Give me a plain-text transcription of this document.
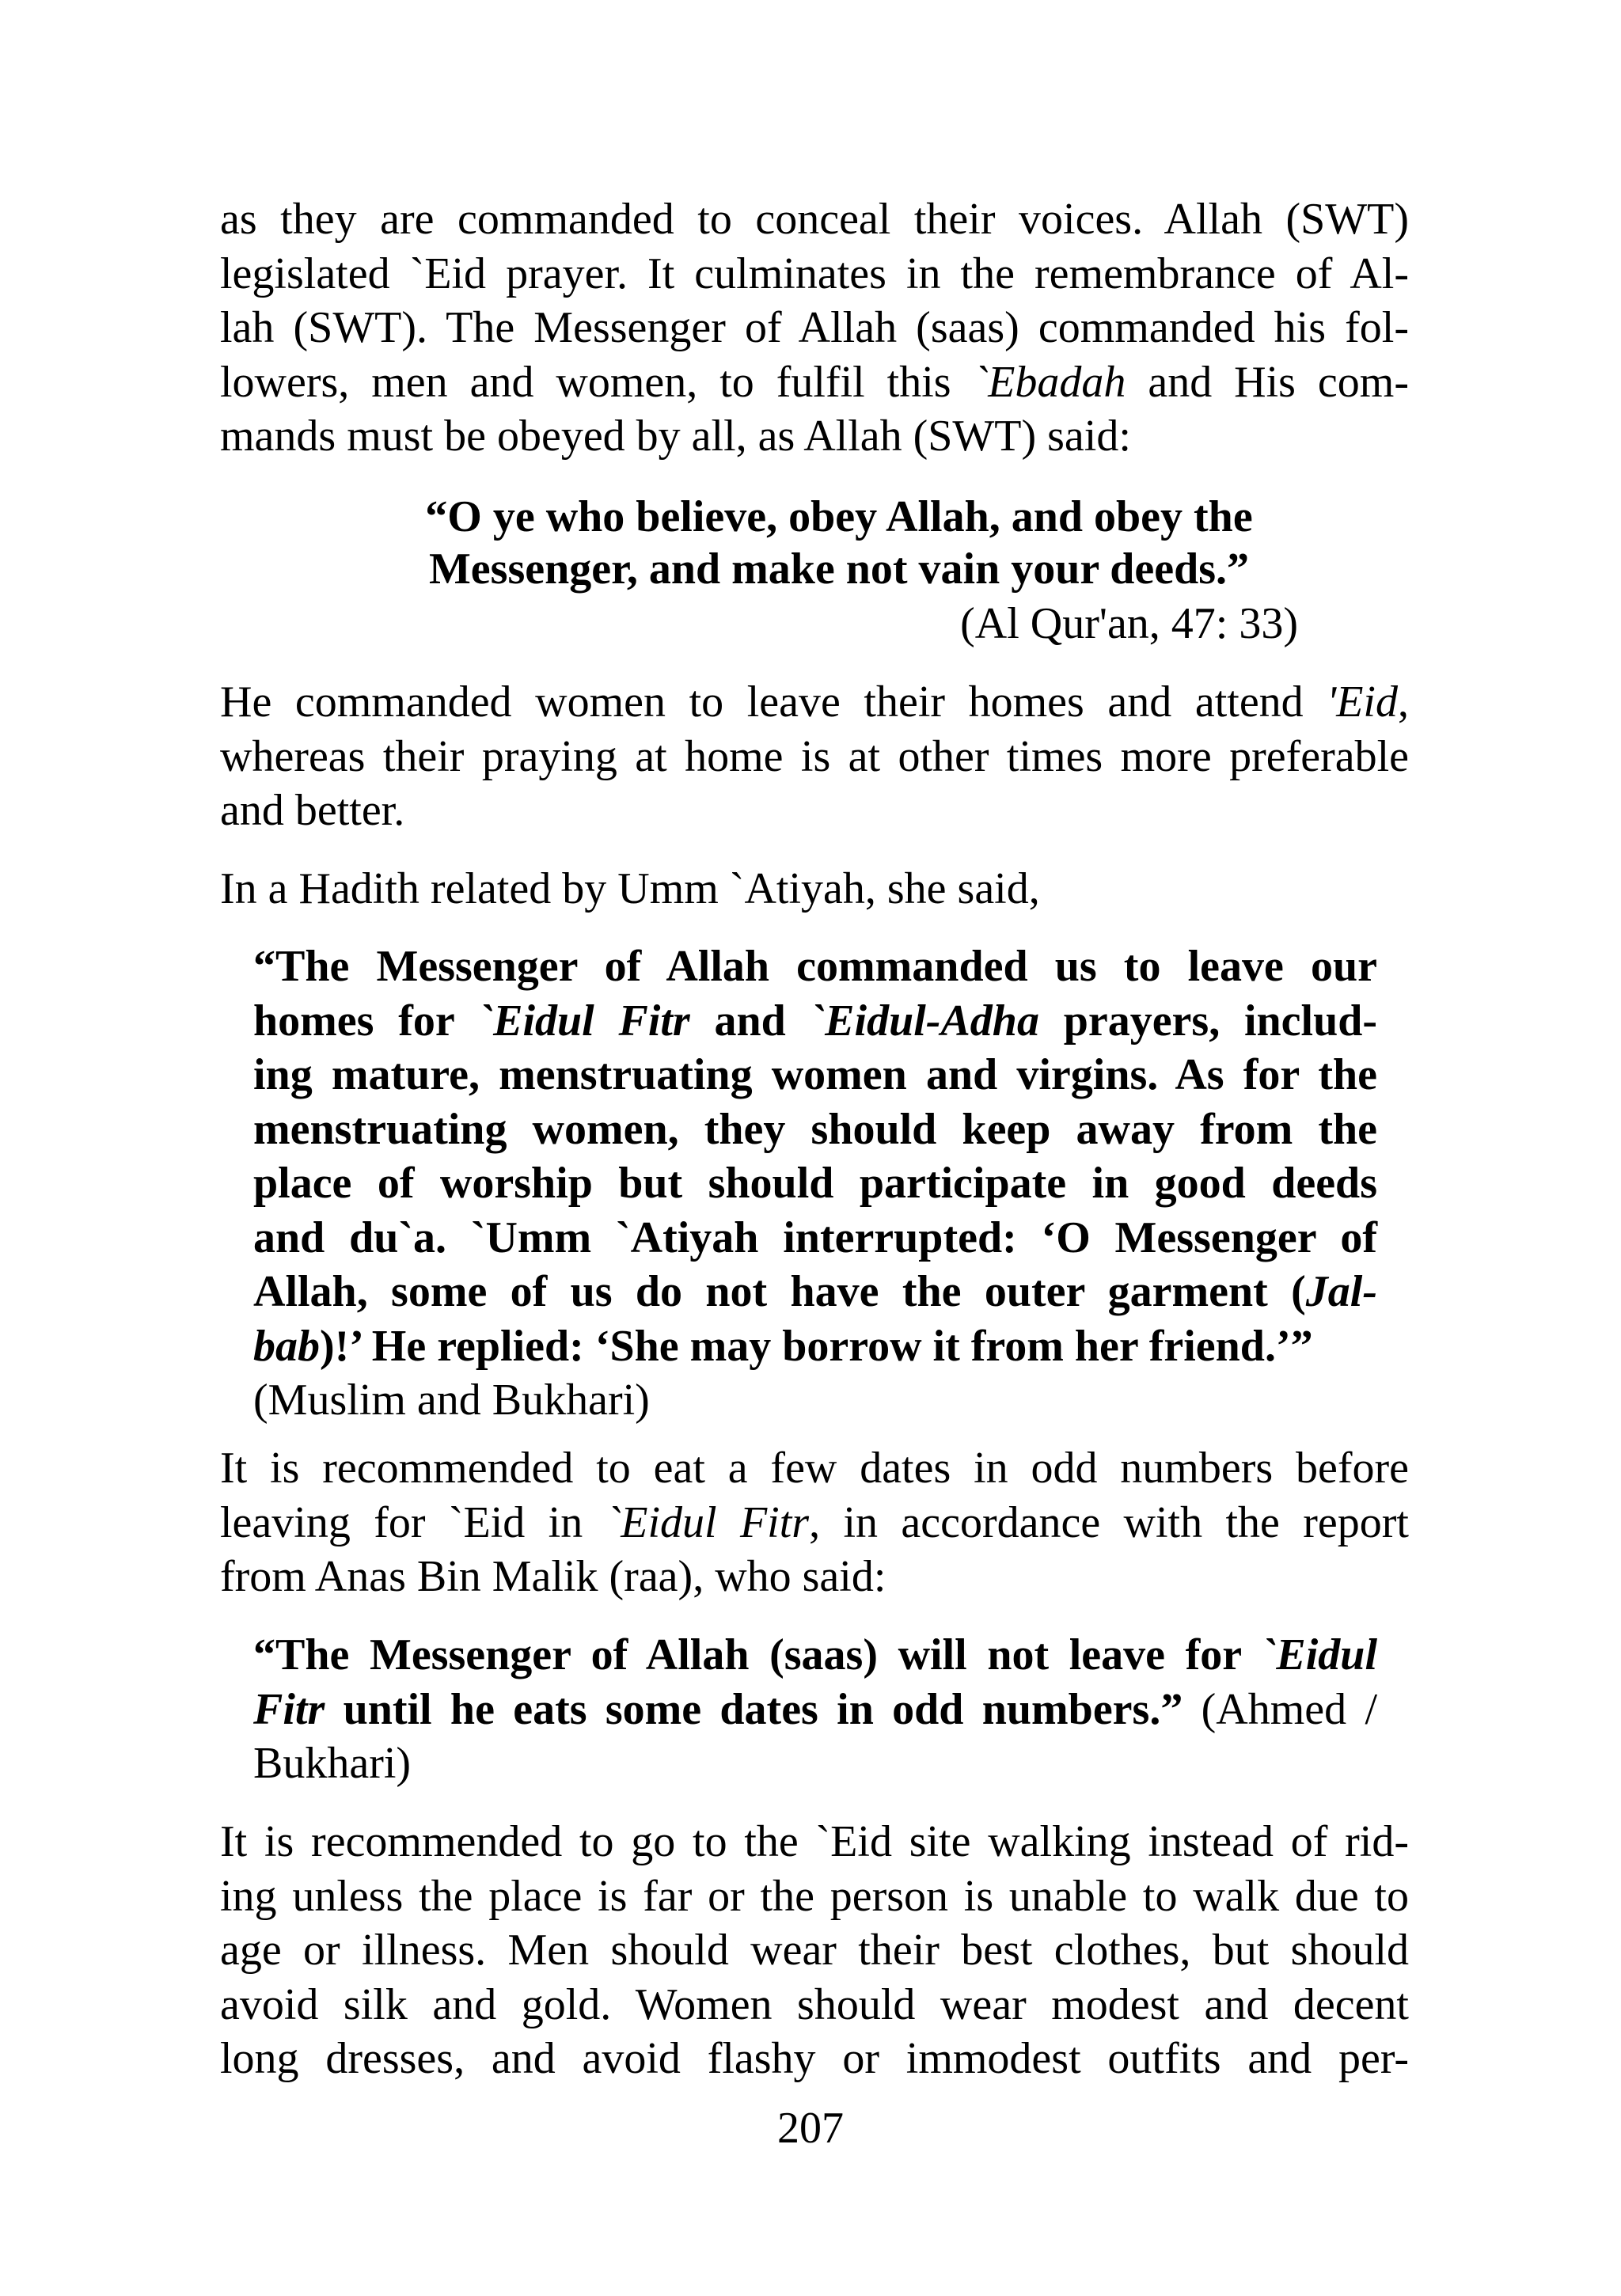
as they are commanded to conceal their voices. Allah (SWT)
legislated `Eid prayer. It culminates in the remembrance of Al-
lah (SWT). The Messenger of Allah (saas) commanded his fol-
lowers, men and women, to fulfil this `Ebadah and His com-
mands must be obeyed by all, as Allah (SWT) said:
“O ye who believe, obey Allah, and obey the
Messenger, and make not vain your deeds.”
(Al Qur'an, 47: 33)
He commanded women to leave their homes and attend 'Eid,
whereas their praying at home is at other times more preferable
and better.
In a Hadith related by Umm `Atiyah, she said,
“The Messenger of Allah commanded us to leave our
homes for `Eidul Fitr and `Eidul-Adha prayers, includ-
ing mature, menstruating women and virgins. As for the
menstruating women, they should keep away from the
place of worship but should participate in good deeds
and du`a. `Umm `Atiyah interrupted: ‘O Messenger of
Allah, some of us do not have the outer garment (Jal-
bab)!’ He replied: ‘She may borrow it from her friend.’”
(Muslim and Bukhari)
It is recommended to eat a few dates in odd numbers before
leaving for `Eid in `Eidul Fitr, in accordance with the report
from Anas Bin Malik (raa), who said:
“The Messenger of Allah (saas) will not leave for `Eidul
Fitr until he eats some dates in odd numbers.” (Ahmed /
Bukhari)
It is recommended to go to the `Eid site walking instead of rid-
ing unless the place is far or the person is unable to walk due to
age or illness. Men should wear their best clothes, but should
avoid silk and gold. Women should wear modest and decent
long dresses, and avoid flashy or immodest outfits and per-
207
